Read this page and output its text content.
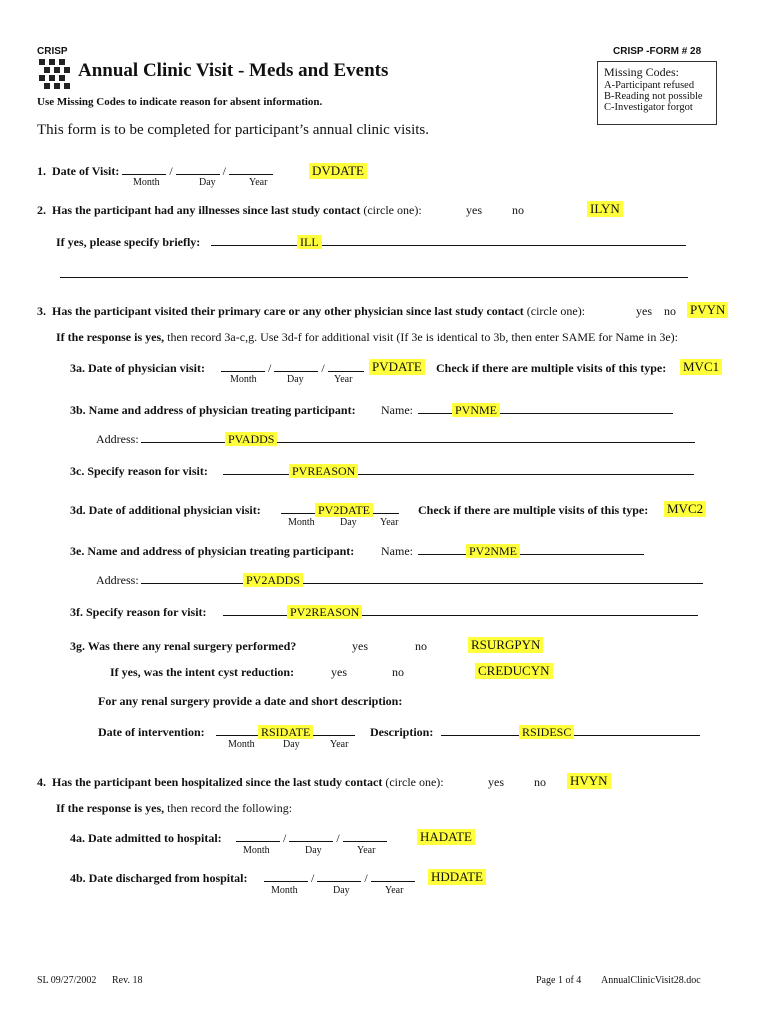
CRISP
Annual Clinic Visit - Meds and Events
CRISP -FORM # 28
Use Missing Codes to indicate reason for absent information.
Missing Codes:
A-Participant refused
B-Reading not possible
C-Investigator forgot
This form is to be completed for participant’s annual clinic visits.
1. Date of Visit:	/	/
Month	Day	Year
DVDATE
2. Has the participant had any illnesses since last study contact (circle one):	yes	no	ILYN
If yes, please specify briefly:	ILL
3. Has the participant visited their primary care or any other physician since last study contact (circle one):	yes no PVYN
If the response is yes, then record 3a-c,g. Use 3d-f for additional visit (If 3e is identical to 3b, then enter SAME for Name in 3e):
3a. Date of physician visit:	/	/
Month	Day	Year
PVDATE Check if there are multiple visits of this type: MVC1
3b. Name and address of physician treating participant: Name:	PVNME
Address:	PVADDS
3c. Specify reason for visit:	PVREASON
3d. Date of additional physician visit:	PV2DATE
Month	Day Year
Check if there are multiple visits of this type: MVC2
3e. Name and address of physician treating participant: Name:	PV2NME
Address:	PV2ADDS
3f. Specify reason for visit:	PV2REASON
3g. Was there any renal surgery performed?	yes	no	RSURGPYN
If yes, was the intent cyst reduction:	yes	no	CREDUCYN
For any renal surgery provide a date and short description:
Date of intervention:	RSIDATE
Month	Day	Year
Description:	RSIDESC
4. Has the participant been hospitalized since the last study contact (circle one):	yes	no HVYN
If the response is yes, then record the following:
4a. Date admitted to hospital:	/	/
Month	Day	Year
HADATE
4b. Date discharged from hospital:	/	/
Month	Day	Year
HDDATE
SL 09/27/2002 Rev. 18	Page 1 of 4 AnnualClinicVisit28.doc
